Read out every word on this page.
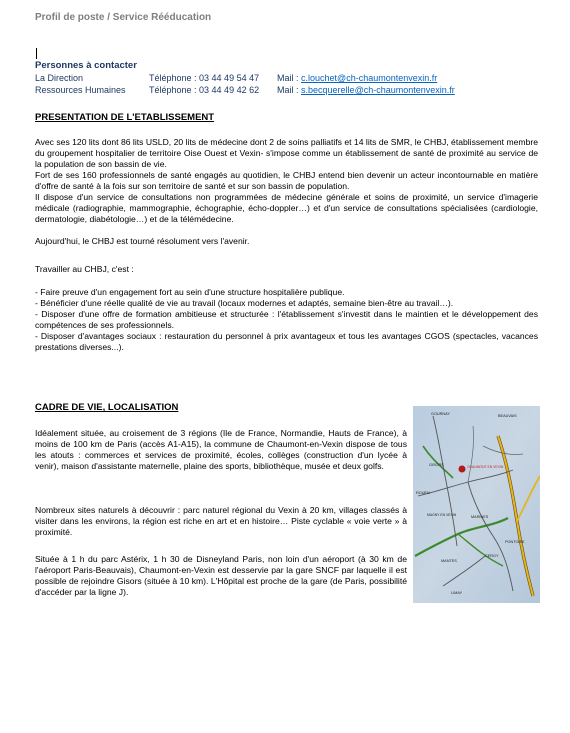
Profil de poste / Service Rééducation
Personnes à contacter
La Direction	Téléphone : 03 44 49 54 47 Mail : c.louchet@ch-chaumontenvexin.fr
Ressources Humaines	Téléphone : 03 44 49 42 62 Mail : s.becquerelle@ch-chaumontenvexin.fr
PRESENTATION DE L'ETABLISSEMENT

Avec ses 120 lits dont 86 lits USLD, 20 lits de médecine dont 2 de soins palliatifs et 14 lits de SMR, le CHBJ, établissement membre du groupement hospitalier de territoire Oise Ouest et Vexin- s'impose comme un établissement de santé de proximité au service de la population de son bassin de vie.

Fort de ses 160 professionnels de santé engagés au quotidien, le CHBJ entend bien devenir un acteur incontournable en matière d'offre de santé à la fois sur son territoire de santé et sur son bassin de population.

Il dispose d'un service de consultations non programmées de médecine générale et soins de proximité, un service d'imagerie médicale (radiographie, mammographie, échographie, écho-doppler…) et d'un service de consultations spécialisées (cardiologie, dermatologie, diabétologie…) et de la télémédecine.

Aujourd'hui, le CHBJ est tourné résolument vers l'avenir.

Travailler au CHBJ, c'est :

- Faire preuve d'un engagement fort au sein d'une structure hospitalière publique.

- Bénéficier d'une réelle qualité de vie au travail (locaux modernes et adaptés, semaine bien-être au travail…).

- Disposer d'une offre de formation ambitieuse et structurée : l'établissement s'investit dans le maintien et le développement des compétences de ses professionnels.

- Disposer d'avantages sociaux : restauration du personnel à prix avantageux et tous les avantages CGOS (spectacles, vacances prestations diverses...).

CADRE DE VIE, LOCALISATION

Idéalement située, au croisement de 3 régions (Ile de France, Normandie, Hauts de France), à moins de 100 km de Paris (accès A1-A15), la commune de Chaumont-en-Vexin dispose de tous les atouts : commerces et services de proximité, écoles, collèges (construction d'un lycée à venir), maison d'assistante maternelle, plaine des sports, bibliothèque, musée et deux golfs.

Nombreux sites naturels à découvrir : parc naturel régional du Vexin à 20 km, villages classés à visiter dans les environs, la région est riche en art et en histoire… Piste cyclable « voie verte » à proximité.

Située à 1 h du parc Astérix, 1 h 30 de Disneyland Paris, non loin d'un aéroport (à 30 km de l'aéroport Paris-Beauvais), Chaumont-en-Vexin est desservie par la gare SNCF par laquelle il est possible de rejoindre Gisors (située à 10 km). L'Hôpital est proche de la gare (de Paris, possibilité d'accéder par la ligne J).

GOURNAY	BEAUVAIS
GISORS	CHAUMONT EN VEXIN
ROUEN
MAGNY EN VEXIN	MARINES
PONTOISE
CERGY
MANTES
LIMAY
